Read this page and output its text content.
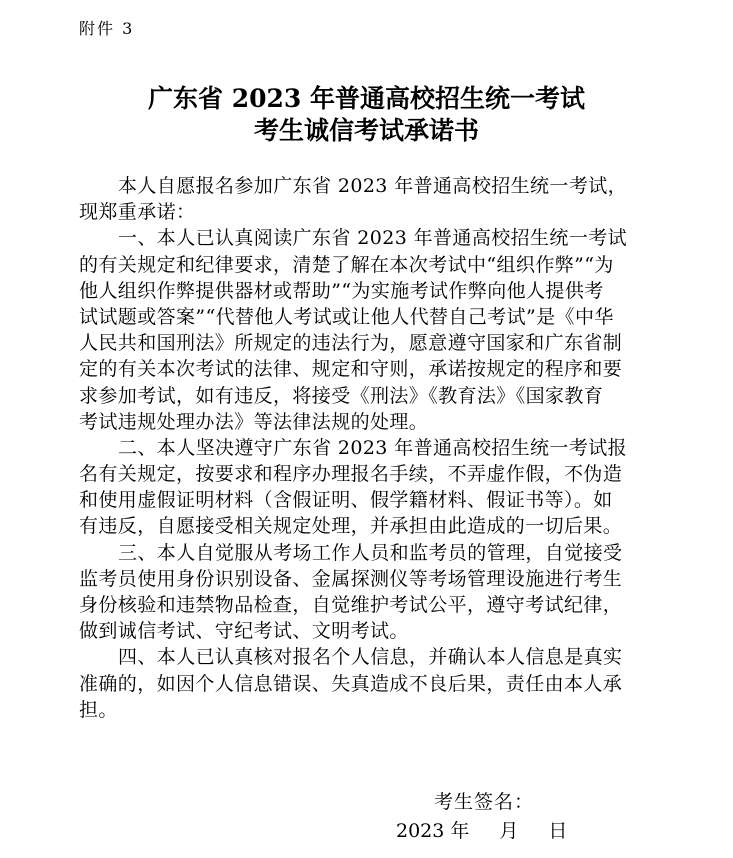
附件 3
广东省 2023 年普通高校招生统一考试
考生诚信考试承诺书
本人自愿报名参加广东省 2023 年普通高校招生统一考试，
现郑重承诺：
一、本人已认真阅读广东省 2023 年普通高校招生统一考试
的有关规定和纪律要求，清楚了解在本次考试中“组织作弊”“为
他人组织作弊提供器材或帮助”“为实施考试作弊向他人提供考
试试题或答案”“代替他人考试或让他人代替自己考试”是《中华
人民共和国刑法》所规定的违法行为，愿意遵守国家和广东省制
定的有关本次考试的法律、规定和守则，承诺按规定的程序和要
求参加考试，如有违反，将接受《刑法》《教育法》《国家教育
考试违规处理办法》等法律法规的处理。
二、本人坚决遵守广东省 2023 年普通高校招生统一考试报
名有关规定，按要求和程序办理报名手续，不弄虚作假，不伪造
和使用虚假证明材料（含假证明、假学籍材料、假证书等）。如
有违反，自愿接受相关规定处理，并承担由此造成的一切后果。
三、本人自觉服从考场工作人员和监考员的管理，自觉接受
监考员使用身份识别设备、金属探测仪等考场管理设施进行考生
身份核验和违禁物品检查，自觉维护考试公平，遵守考试纪律，
做到诚信考试、守纪考试、文明考试。
四、本人已认真核对报名个人信息，并确认本人信息是真实
准确的，如因个人信息错误、失真造成不良后果，责任由本人承
担。
考生签名：
2023 年 月 日
